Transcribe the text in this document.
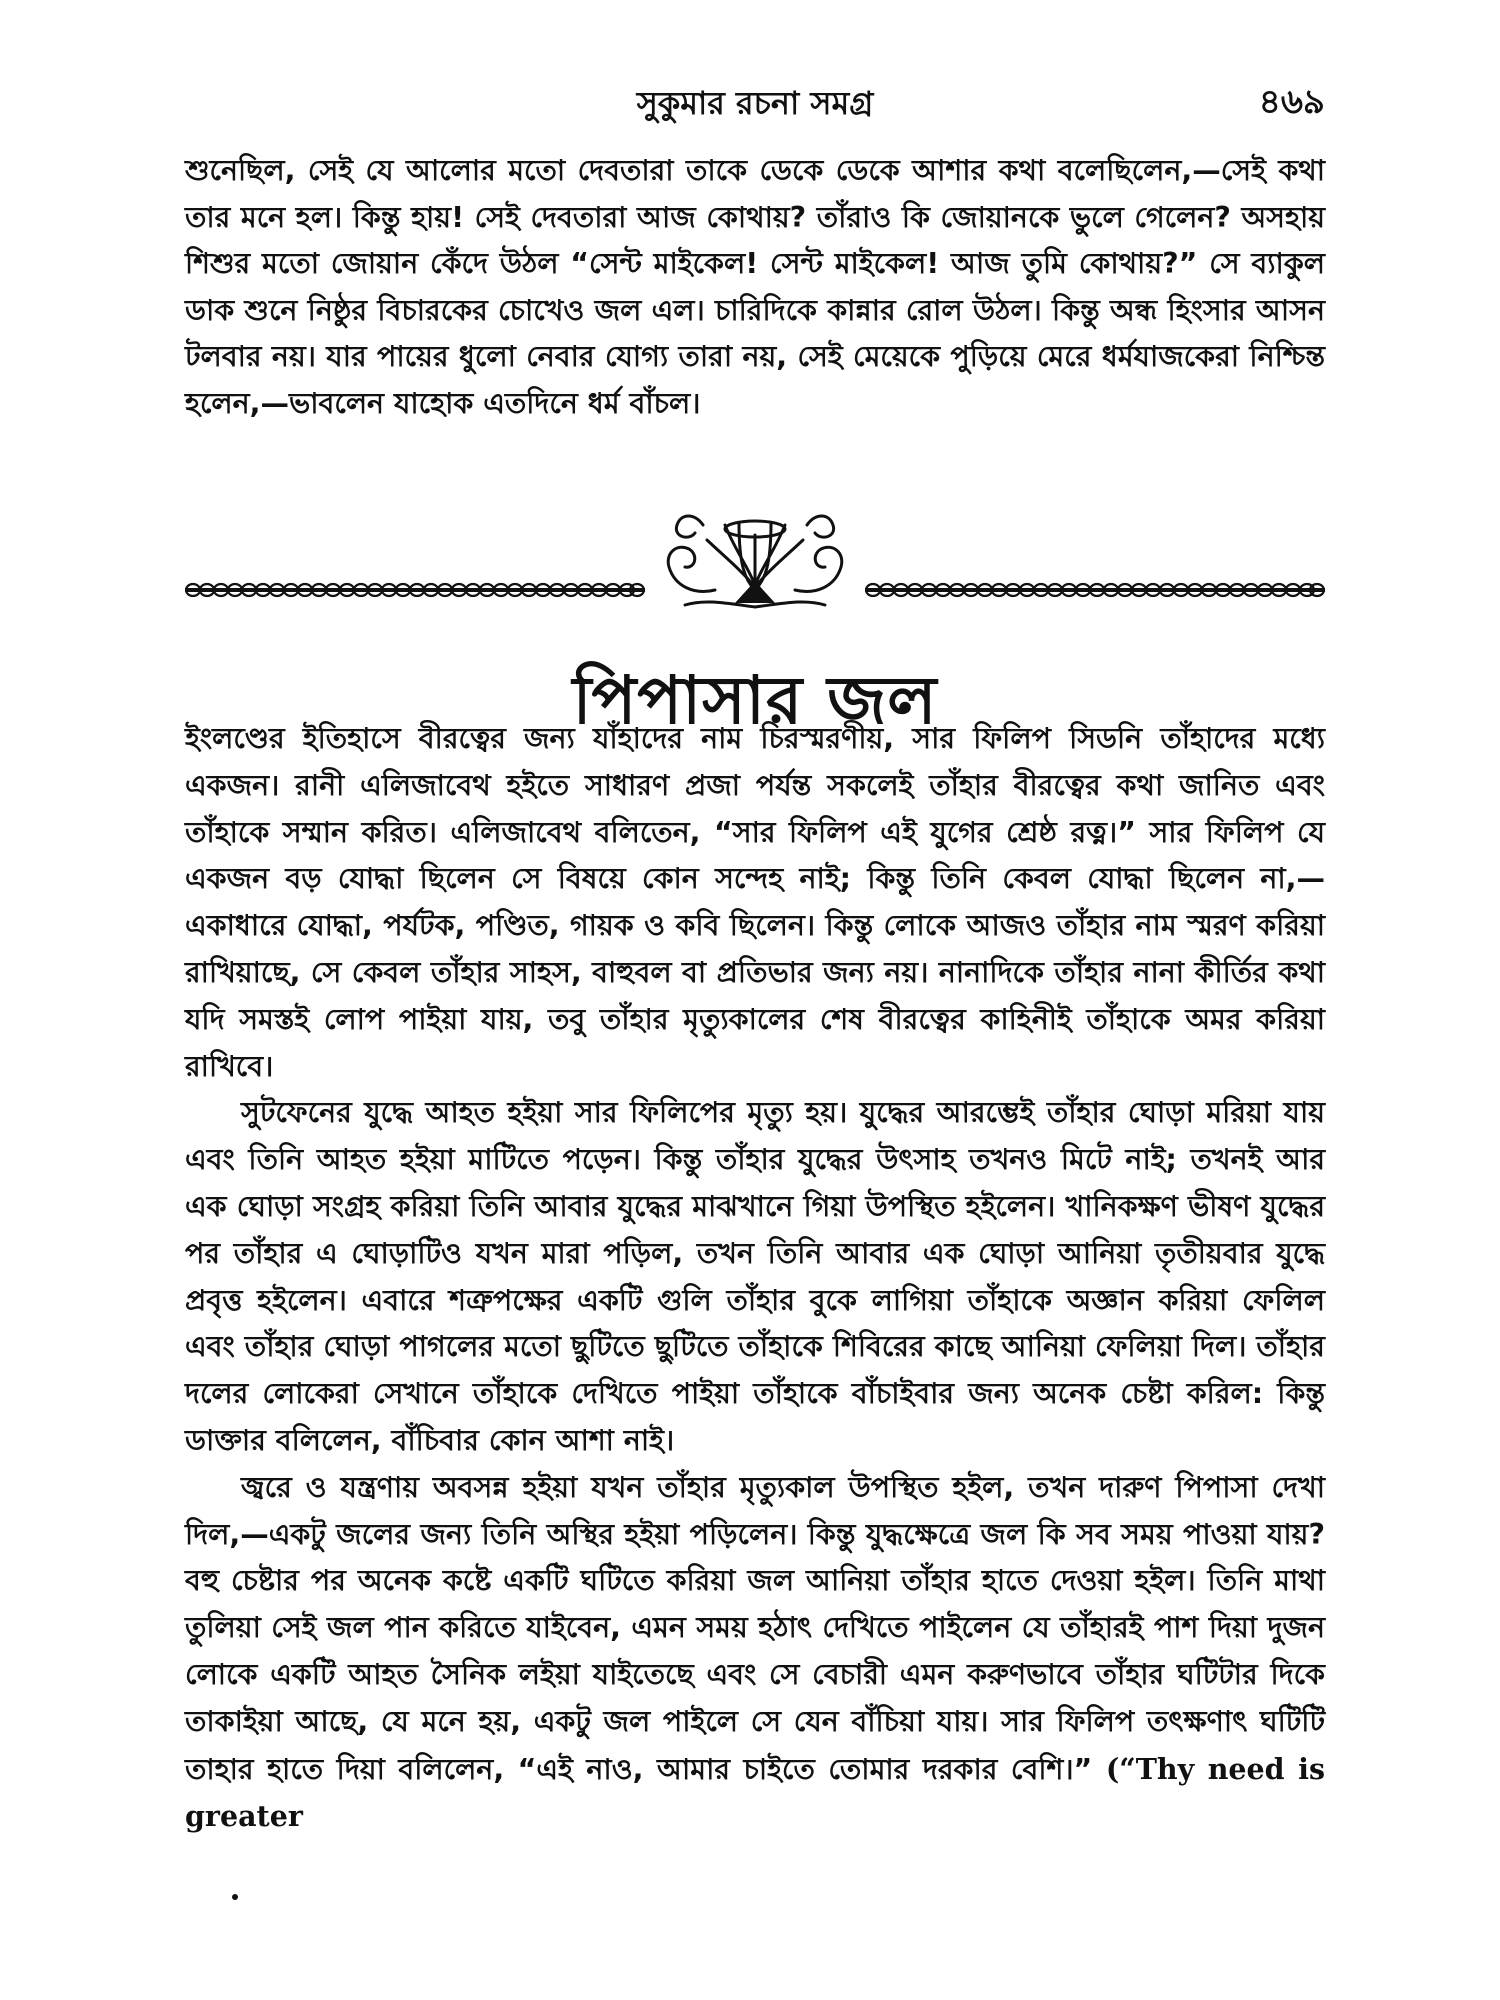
সুকুমার রচনা সমগ্র	৪৬৯

শুনেছিল, সেই যে আলোর মতো দেবতারা তাকে ডেকে ডেকে আশার কথা বলেছিলেন,—সেই কথা তার মনে হল। কিন্তু হায়! সেই দেবতারা আজ কোথায়? তাঁরাও কি জোয়ানকে ভুলে গেলেন? অসহায় শিশুর মতো জোয়ান কেঁদে উঠল “সেন্ট মাইকেল! সেন্ট মাইকেল! আজ তুমি কোথায়?” সে ব্যাকুল ডাক শুনে নিষ্ঠুর বিচারকের চোখেও জল এল। চারিদিকে কান্নার রোল উঠল। কিন্তু অন্ধ হিংসার আসন টলবার নয়। যার পায়ের ধুলো নেবার যোগ্য তারা নয়, সেই মেয়েকে পুড়িয়ে মেরে ধর্মযাজকেরা নিশ্চিন্ত হলেন,—ভাবলেন যাহোক এতদিনে ধর্ম বাঁচল।

পিপাসার জল

ইংলণ্ডের ইতিহাসে বীরত্বের জন্য যাঁহাদের নাম চিরস্মরণীয়, সার ফিলিপ সিডনি তাঁহাদের মধ্যে একজন। রানী এলিজাবেথ হইতে সাধারণ প্রজা পর্যন্ত সকলেই তাঁহার বীরত্বের কথা জানিত এবং তাঁহাকে সম্মান করিত। এলিজাবেথ বলিতেন, “সার ফিলিপ এই যুগের শ্রেষ্ঠ রত্ন।” সার ফিলিপ যে একজন বড় যোদ্ধা ছিলেন সে বিষয়ে কোন সন্দেহ নাই; কিন্তু তিনি কেবল যোদ্ধা ছিলেন না,—একাধারে যোদ্ধা, পর্যটক, পণ্ডিত, গায়ক ও কবি ছিলেন। কিন্তু লোকে আজও তাঁহার নাম স্মরণ করিয়া রাখিয়াছে, সে কেবল তাঁহার সাহস, বাহুবল বা প্রতিভার জন্য নয়। নানাদিকে তাঁহার নানা কীর্তির কথা যদি সমস্তই লোপ পাইয়া যায়, তবু তাঁহার মৃত্যুকালের শেষ বীরত্বের কাহিনীই তাঁহাকে অমর করিয়া রাখিবে।

সুটফেনের যুদ্ধে আহত হইয়া সার ফিলিপের মৃত্যু হয়। যুদ্ধের আরম্ভেই তাঁহার ঘোড়া মরিয়া যায় এবং তিনি আহত হইয়া মাটিতে পড়েন। কিন্তু তাঁহার যুদ্ধের উৎসাহ তখনও মিটে নাই; তখনই আর এক ঘোড়া সংগ্রহ করিয়া তিনি আবার যুদ্ধের মাঝখানে গিয়া উপস্থিত হইলেন। খানিকক্ষণ ভীষণ যুদ্ধের পর তাঁহার এ ঘোড়াটিও যখন মারা পড়িল, তখন তিনি আবার এক ঘোড়া আনিয়া তৃতীয়বার যুদ্ধে প্রবৃত্ত হইলেন। এবারে শত্রুপক্ষের একটি গুলি তাঁহার বুকে লাগিয়া তাঁহাকে অজ্ঞান করিয়া ফেলিল এবং তাঁহার ঘোড়া পাগলের মতো ছুটিতে ছুটিতে তাঁহাকে শিবিরের কাছে আনিয়া ফেলিয়া দিল। তাঁহার দলের লোকেরা সেখানে তাঁহাকে দেখিতে পাইয়া তাঁহাকে বাঁচাইবার জন্য অনেক চেষ্টা করিল: কিন্তু ডাক্তার বলিলেন, বাঁচিবার কোন আশা নাই।

জ্বরে ও যন্ত্রণায় অবসন্ন হইয়া যখন তাঁহার মৃত্যুকাল উপস্থিত হইল, তখন দারুণ পিপাসা দেখা দিল,—একটু জলের জন্য তিনি অস্থির হইয়া পড়িলেন। কিন্তু যুদ্ধক্ষেত্রে জল কি সব সময় পাওয়া যায়? বহু চেষ্টার পর অনেক কষ্টে একটি ঘটিতে করিয়া জল আনিয়া তাঁহার হাতে দেওয়া হইল। তিনি মাথা তুলিয়া সেই জল পান করিতে যাইবেন, এমন সময় হঠাৎ দেখিতে পাইলেন যে তাঁহারই পাশ দিয়া দুজন লোকে একটি আহত সৈনিক লইয়া যাইতেছে এবং সে বেচারী এমন করুণভাবে তাঁহার ঘটিটার দিকে তাকাইয়া আছে, যে মনে হয়, একটু জল পাইলে সে যেন বাঁচিয়া যায়। সার ফিলিপ তৎক্ষণাৎ ঘটিটি তাহার হাতে দিয়া বলিলেন, “এই নাও, আমার চাইতে তোমার দরকার বেশি।” (“Thy need is greater
